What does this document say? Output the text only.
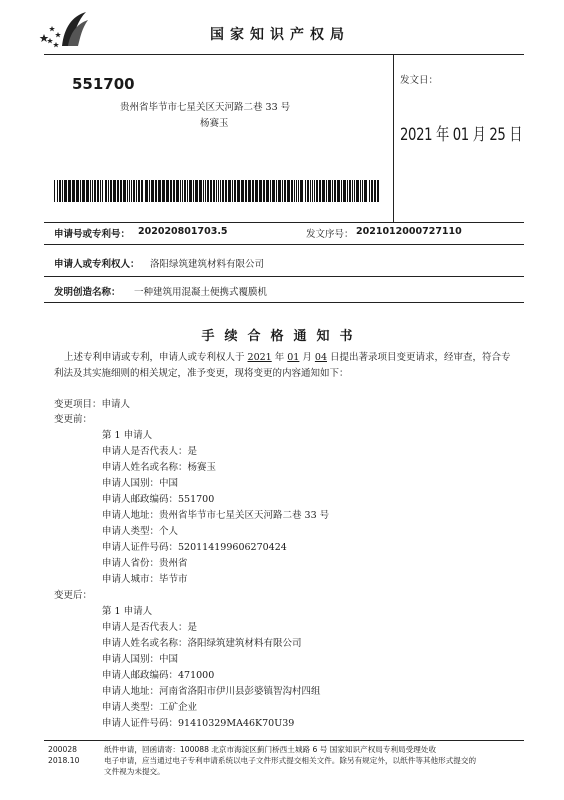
国家知识产权局
551700
贵州省毕节市七星关区天河路二巷 33 号
杨赛玉
发文日：
2021 年 01 月 25 日
申请号或专利号： 202020801703.5	发文序号： 2021012000727110
申请人或专利权人： 洛阳绿筑建筑材料有限公司
发明创造名称： 一种建筑用混凝土便携式覆膜机
手续合格通知书
上述专利申请或专利，申请人或专利权人于 2021 年 01 月 04 日提出著录项目变更请求，经审查，符合专
利法及其实施细则的相关规定，准予变更，现将变更的内容通知如下：
变更项目：申请人
变更前：
第 1 申请人
申请人是否代表人：是
申请人姓名或名称：杨赛玉
申请人国别：中国
申请人邮政编码：551700
申请人地址：贵州省毕节市七星关区天河路二巷 33 号
申请人类型：个人
申请人证件号码：520114199606270424
申请人省份：贵州省
申请人城市：毕节市
变更后：
第 1 申请人
申请人是否代表人：是
申请人姓名或名称：洛阳绿筑建筑材料有限公司
申请人国别：中国
申请人邮政编码：471000
申请人地址：河南省洛阳市伊川县彭婆镇智沟村四组
申请人类型：工矿企业
申请人证件号码：91410329MA46K70U39
200028
2018.10
纸件申请，回函请寄：100088 北京市海淀区蓟门桥西土城路 6 号 国家知识产权局专利局受理处收
电子申请，应当通过电子专利申请系统以电子文件形式提交相关文件。除另有规定外，以纸件等其他形式提交的
文件视为未提交。
